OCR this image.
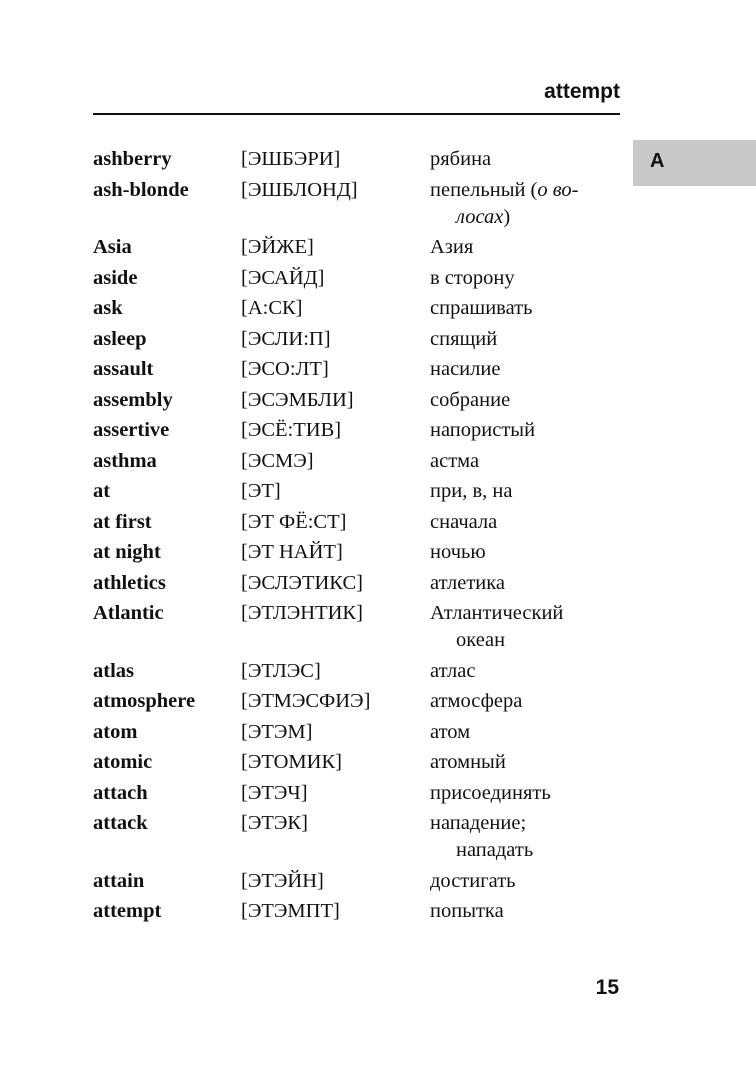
attempt
A
ashberry	[ЭШБЭРИ]	рябина
ash-blonde	[ЭШБЛОНД]	пепельный (о во-
лосах)
Asia	[ЭЙЖЕ]	Азия
aside	[ЭСАЙД]	в сторону
ask	[А:СК]	спрашивать
asleep	[ЭСЛИ:П]	спящий
assault	[ЭСО:ЛТ]	насилие
assembly	[ЭСЭМБЛИ]	собрание
assertive	[ЭСЁ:ТИВ]	напористый
asthma	[ЭСМЭ]	астма
at	[ЭТ]	при, в, на
at first	[ЭТ ФЁ:СТ]	сначала
at night	[ЭТ НАЙТ]	ночью
athletics	[ЭСЛЭТИКС]	атлетика
Atlantic	[ЭТЛЭНТИК]	Атлантический
океан
atlas	[ЭТЛЭС]	атлас
atmosphere	[ЭТМЭСФИЭ]	атмосфера
atom	[ЭТЭМ]	атом
atomic	[ЭТОМИК]	атомный
attach	[ЭТЭЧ]	присоединять
attack	[ЭТЭК]	нападение;
нападать
attain	[ЭТЭЙН]	достигать
attempt	[ЭТЭМПТ]	попытка
15
